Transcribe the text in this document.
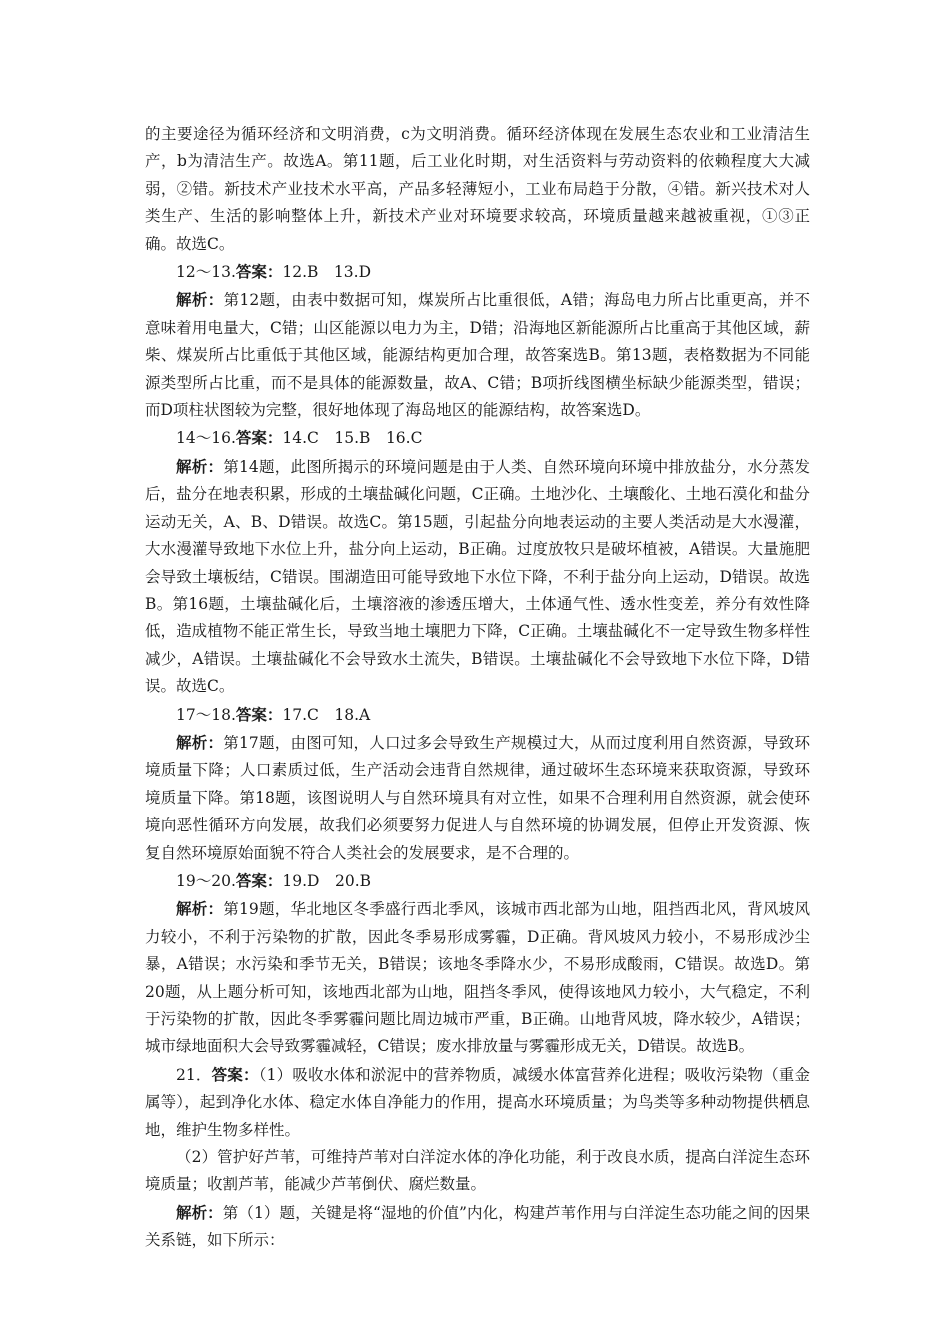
的主要途径为循环经济和文明消费，c为文明消费。循环经济体现在发展生态农业和工业清洁生产，b为清洁生产。故选A。第11题，后工业化时期，对生活资料与劳动资料的依赖程度大大减弱，②错。新技术产业技术水平高，产品多轻薄短小，工业布局趋于分散，④错。新兴技术对人类生产、生活的影响整体上升，新技术产业对环境要求较高，环境质量越来越被重视，①③正确。故选C。

12～13.答案：12.B　13.D

解析：第12题，由表中数据可知，煤炭所占比重很低，A错；海岛电力所占比重更高，并不意味着用电量大，C错；山区能源以电力为主，D错；沿海地区新能源所占比重高于其他区域，薪柴、煤炭所占比重低于其他区域，能源结构更加合理，故答案选B。第13题，表格数据为不同能源类型所占比重，而不是具体的能源数量，故A、C错；B项折线图横坐标缺少能源类型，错误；而D项柱状图较为完整，很好地体现了海岛地区的能源结构，故答案选D。

14～16.答案：14.C　15.B　16.C

解析：第14题，此图所揭示的环境问题是由于人类、自然环境向环境中排放盐分，水分蒸发后，盐分在地表积累，形成的土壤盐碱化问题，C正确。土地沙化、土壤酸化、土地石漠化和盐分运动无关，A、B、D错误。故选C。第15题，引起盐分向地表运动的主要人类活动是大水漫灌，大水漫灌导致地下水位上升，盐分向上运动，B正确。过度放牧只是破坏植被，A错误。大量施肥会导致土壤板结，C错误。围湖造田可能导致地下水位下降，不利于盐分向上运动，D错误。故选B。第16题，土壤盐碱化后，土壤溶液的渗透压增大，土体通气性、透水性变差，养分有效性降低，造成植物不能正常生长，导致当地土壤肥力下降，C正确。土壤盐碱化不一定导致生物多样性减少，A错误。土壤盐碱化不会导致水土流失，B错误。土壤盐碱化不会导致地下水位下降，D错误。故选C。

17～18.答案：17.C　18.A

解析：第17题，由图可知，人口过多会导致生产规模过大，从而过度利用自然资源，导致环境质量下降；人口素质过低，生产活动会违背自然规律，通过破坏生态环境来获取资源，导致环境质量下降。第18题，该图说明人与自然环境具有对立性，如果不合理利用自然资源，就会使环境向恶性循环方向发展，故我们必须要努力促进人与自然环境的协调发展，但停止开发资源、恢复自然环境原始面貌不符合人类社会的发展要求，是不合理的。

19～20.答案：19.D　20.B

解析：第19题，华北地区冬季盛行西北季风，该城市西北部为山地，阻挡西北风，背风坡风力较小，不利于污染物的扩散，因此冬季易形成雾霾，D正确。背风坡风力较小，不易形成沙尘暴，A错误；水污染和季节无关，B错误；该地冬季降水少，不易形成酸雨，C错误。故选D。第20题，从上题分析可知，该地西北部为山地，阻挡冬季风，使得该地风力较小，大气稳定，不利于污染物的扩散，因此冬季雾霾问题比周边城市严重，B正确。山地背风坡，降水较少，A错误；城市绿地面积大会导致雾霾减轻，C错误；废水排放量与雾霾形成无关，D错误。故选B。

21．答案：（1）吸收水体和淤泥中的营养物质，减缓水体富营养化进程；吸收污染物（重金属等），起到净化水体、稳定水体自净能力的作用，提高水环境质量；为鸟类等多种动物提供栖息地，维护生物多样性。

（2）管护好芦苇，可维持芦苇对白洋淀水体的净化功能，利于改良水质，提高白洋淀生态环境质量；收割芦苇，能减少芦苇倒伏、腐烂数量。

解析：第（1）题，关键是将“湿地的价值”内化，构建芦苇作用与白洋淀生态功能之间的因果关系链，如下所示：
